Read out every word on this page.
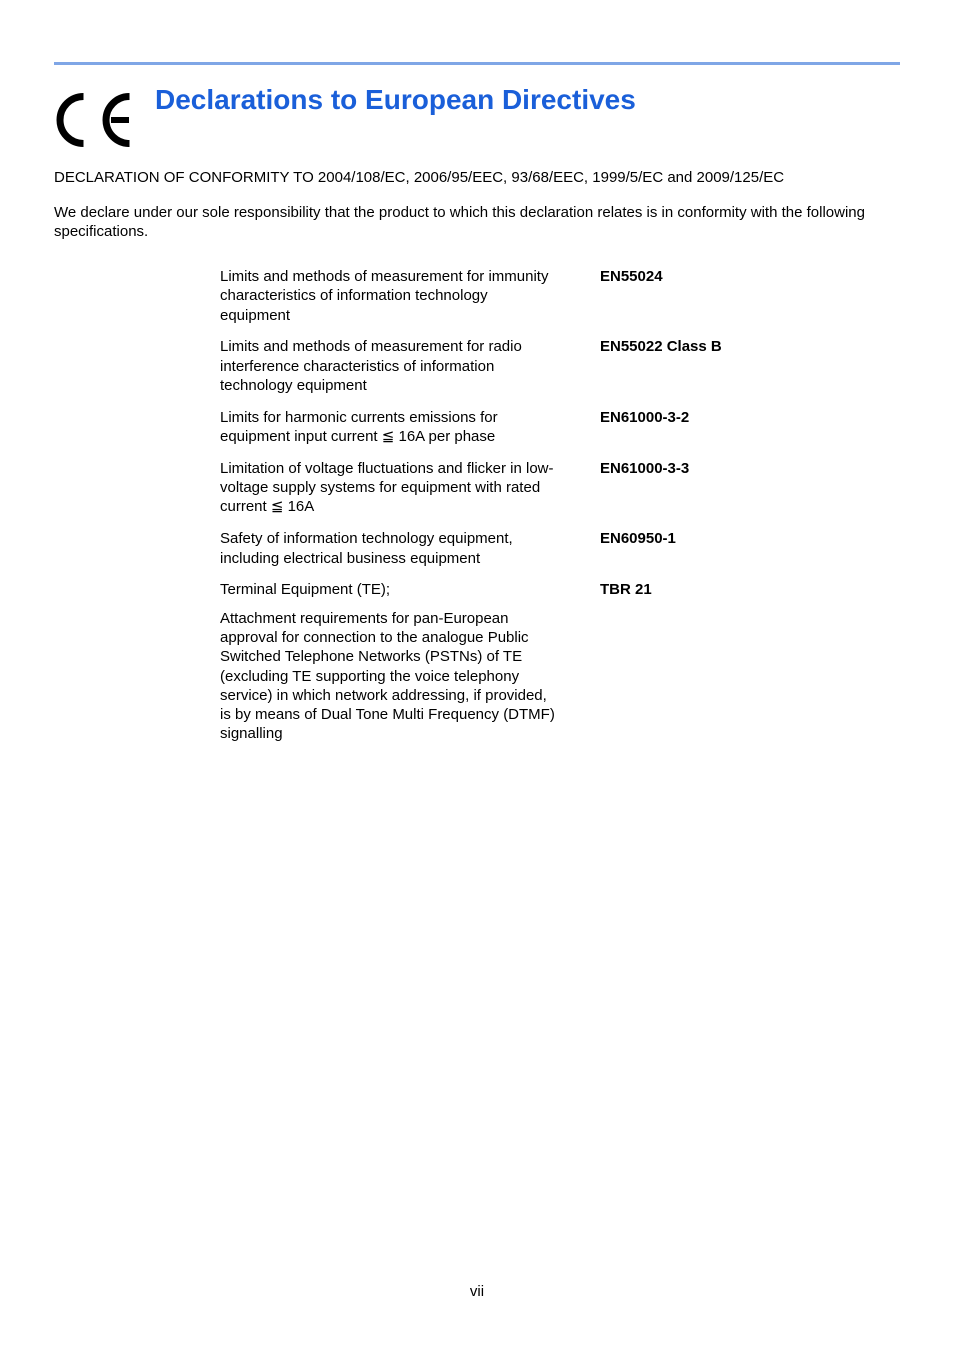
Declarations to European Directives

DECLARATION OF CONFORMITY TO 2004/108/EC, 2006/95/EEC, 93/68/EEC, 1999/5/EC and 2009/125/EC

We declare under our sole responsibility that the product to which this declaration relates is in conformity with the following specifications.

Limits and methods of measurement for immunity
characteristics of information technology
equipment
EN55024
Limits and methods of measurement for radio
interference characteristics of information
technology equipment
EN55022 Class B
Limits for harmonic currents emissions for
equipment input current ≦ 16A per phase
EN61000-3-2
Limitation of voltage fluctuations and flicker in low-
voltage supply systems for equipment with rated
current ≦ 16A
EN61000-3-3
Safety of information technology equipment,
including electrical business equipment
EN60950-1
Terminal Equipment (TE);	TBR 21
Attachment requirements for pan-European
approval for connection to the analogue Public
Switched Telephone Networks (PSTNs) of TE
(excluding TE supporting the voice telephony
service) in which network addressing, if provided,
is by means of Dual Tone Multi Frequency (DTMF)
signalling
vii
